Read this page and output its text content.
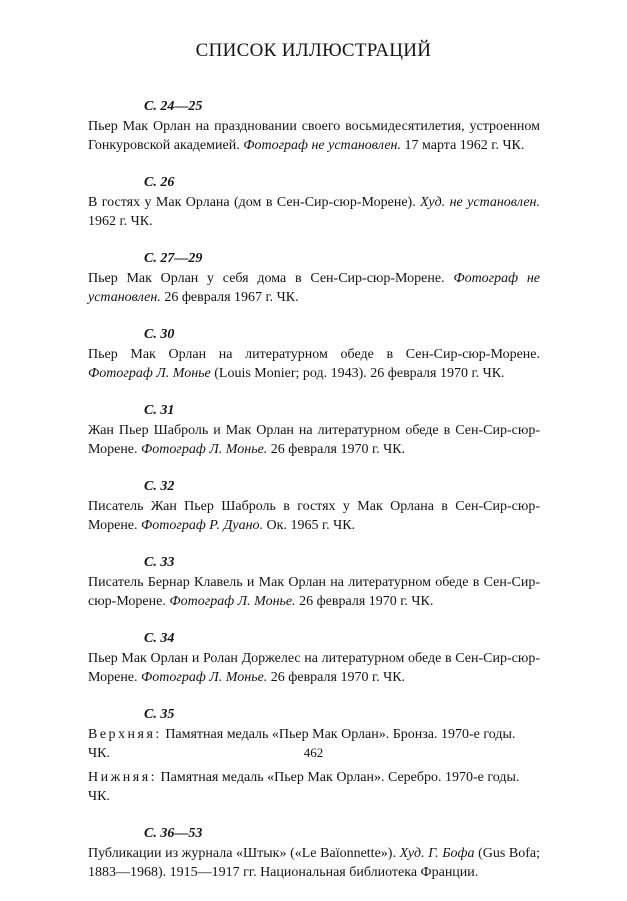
СПИСОК ИЛЛЮСТРАЦИЙ
С. 24—25
Пьер Мак Орлан на праздновании своего восьмидесятилетия, устроенном Гонкуровской академией. Фотограф не установлен. 17 марта 1962 г. ЧК.
С. 26
В гостях у Мак Орлана (дом в Сен-Сир-сюр-Морене). Худ. не установлен. 1962 г. ЧК.
С. 27—29
Пьер Мак Орлан у себя дома в Сен-Сир-сюр-Морене. Фотограф не установлен. 26 февраля 1967 г. ЧК.
С. 30
Пьер Мак Орлан на литературном обеде в Сен-Сир-сюр-Морене. Фотограф Л. Монье (Louis Monier; род. 1943). 26 февраля 1970 г. ЧК.
С. 31
Жан Пьер Шаброль и Мак Орлан на литературном обеде в Сен-Сир-сюр-Морене. Фотограф Л. Монье. 26 февраля 1970 г. ЧК.
С. 32
Писатель Жан Пьер Шаброль в гостях у Мак Орлана в Сен-Сир-сюр-Морене. Фотограф Р. Дуано. Ок. 1965 г. ЧК.
С. 33
Писатель Бернар Клавель и Мак Орлан на литературном обеде в Сен-Сир-сюр-Морене. Фотограф Л. Монье. 26 февраля 1970 г. ЧК.
С. 34
Пьер Мак Орлан и Ролан Доржелес на литературном обеде в Сен-Сир-сюр-Морене. Фотограф Л. Монье. 26 февраля 1970 г. ЧК.
С. 35
Верхняя: Памятная медаль «Пьер Мак Орлан». Бронза. 1970-е годы. ЧК.
Нижняя: Памятная медаль «Пьер Мак Орлан». Серебро. 1970-е годы. ЧК.
С. 36—53
Публикации из журнала «Штык» («Le Baïonnette»). Худ. Г. Бофа (Gus Bofa; 1883—1968). 1915—1917 гг. Национальная библиотека Франции.
462
